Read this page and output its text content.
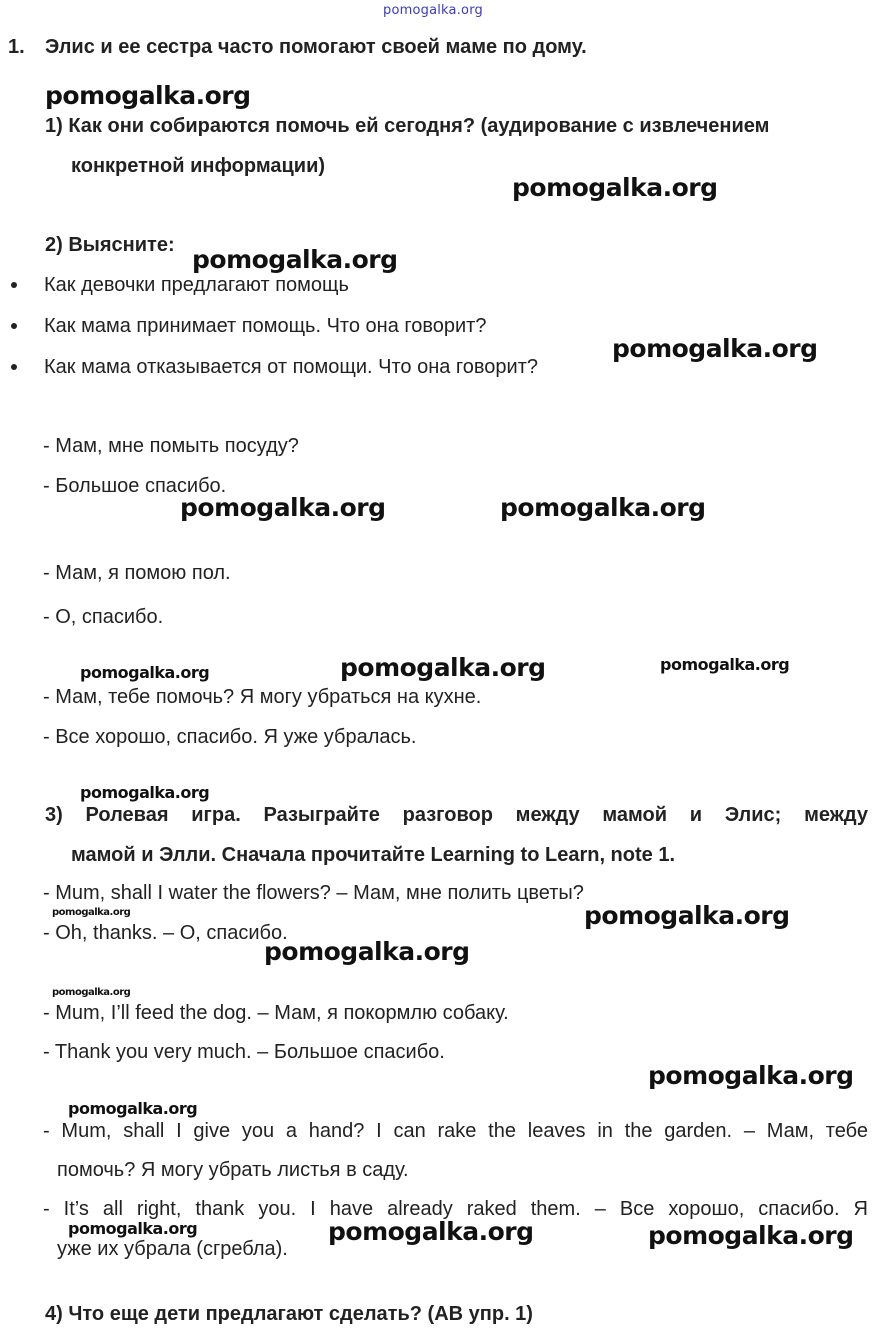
pomogalka.org
1. Элис и ее сестра часто помогают своей маме по дому.
1) Как они собираются помочь ей сегодня? (аудирование с извлечением
конкретной информации)
2) Выясните:
Как девочки предлагают помощь
Как мама принимает помощь. Что она говорит?
Как мама отказывается от помощи. Что она говорит?
- Мам, мне помыть посуду?
- Большое спасибо.
- Мам, я помою пол.
- О, спасибо.
- Мам, тебе помочь? Я могу убраться на кухне.
- Все хорошо, спасибо. Я уже убралась.
3) Ролевая игра. Разыграйте разговор между мамой и Элис; между
мамой и Элли. Сначала прочитайте Learning to Learn, note 1.
- Mum, shall I water the flowers? – Мам, мне полить цветы?
- Oh, thanks. – О, спасибо.
- Mum, I’ll feed the dog. – Мам, я покормлю собаку.
- Thank you very much. – Большое спасибо.
- Mum, shall I give you a hand? I can rake the leaves in the garden. – Мам, тебе
помочь? Я могу убрать листья в саду.
- It’s all right, thank you. I have already raked them. – Все хорошо, спасибо. Я
уже их убрала (сгребла).
4) Что еще дети предлагают сделать? (АВ упр. 1)
pomogalka.org
pomogalka.org
pomogalka.org
pomogalka.org
pomogalka.org	pomogalka.org
pomogalka.org
pomogalka.org
pomogalka.org
pomogalka.org
pomogalka.org	pomogalka.org
pomogalka.org	pomogalka.org
pomogalka.org
pomogalka.org
pomogalka.org
pomogalka.org
pomogalka.org
